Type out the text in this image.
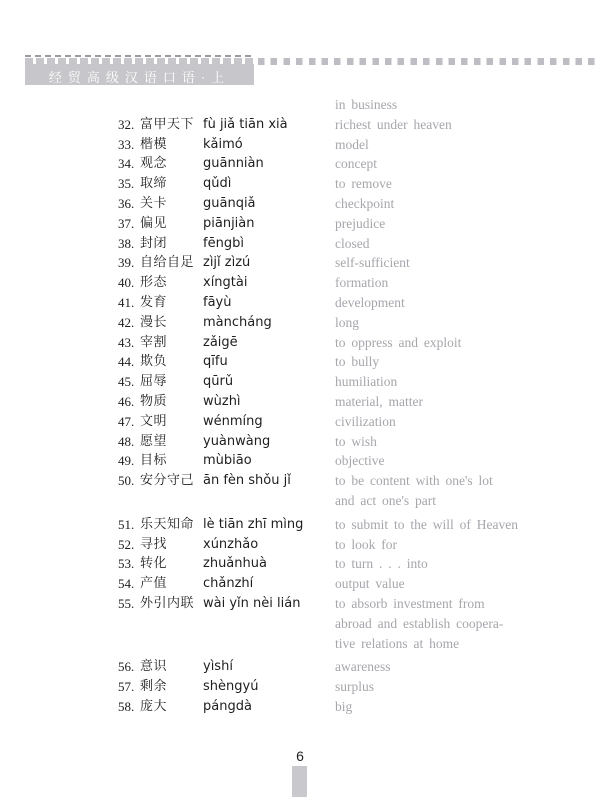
经贸高级汉语口语·上
in business
32. 富甲天下 fù jiǎ tiān xià	richest under heaven
33. 楷模	kǎimó	model
34. 观念	guānniàn	concept
35. 取缔	qǔdì	to remove
36. 关卡	guānqiǎ	checkpoint
37. 偏见	piānjiàn	prejudice
38. 封闭	fēngbì	closed
39. 自给自足 zìjǐ zìzú	self-sufficient
40. 形态	xíngtài	formation
41. 发育	fāyù	development
42. 漫长	màncháng	long
43. 宰割	zǎigē	to oppress and exploit
44. 欺负	qīfu	to bully
45. 屈辱	qūrǔ	humiliation
46. 物质	wùzhì	material, matter
47. 文明	wénmíng	civilization
48. 愿望	yuànwàng	to wish
49. 目标	mùbiāo	objective
50. 安分守己 ān fèn shǒu jǐ	to be content with one's lot
and act one's part
51. 乐天知命 lè tiān zhī mìng	to submit to the will of Heaven
52. 寻找	xúnzhǎo	to look for
53. 转化	zhuǎnhuà	to turn . . . into
54. 产值	chǎnzhí	output value
55. 外引内联 wài yǐn nèi lián	to absorb investment from
abroad and establish coopera-
tive relations at home
56. 意识	yìshí	awareness
57. 剩余	shèngyú	surplus
58. 庞大	pángdà	big
6
